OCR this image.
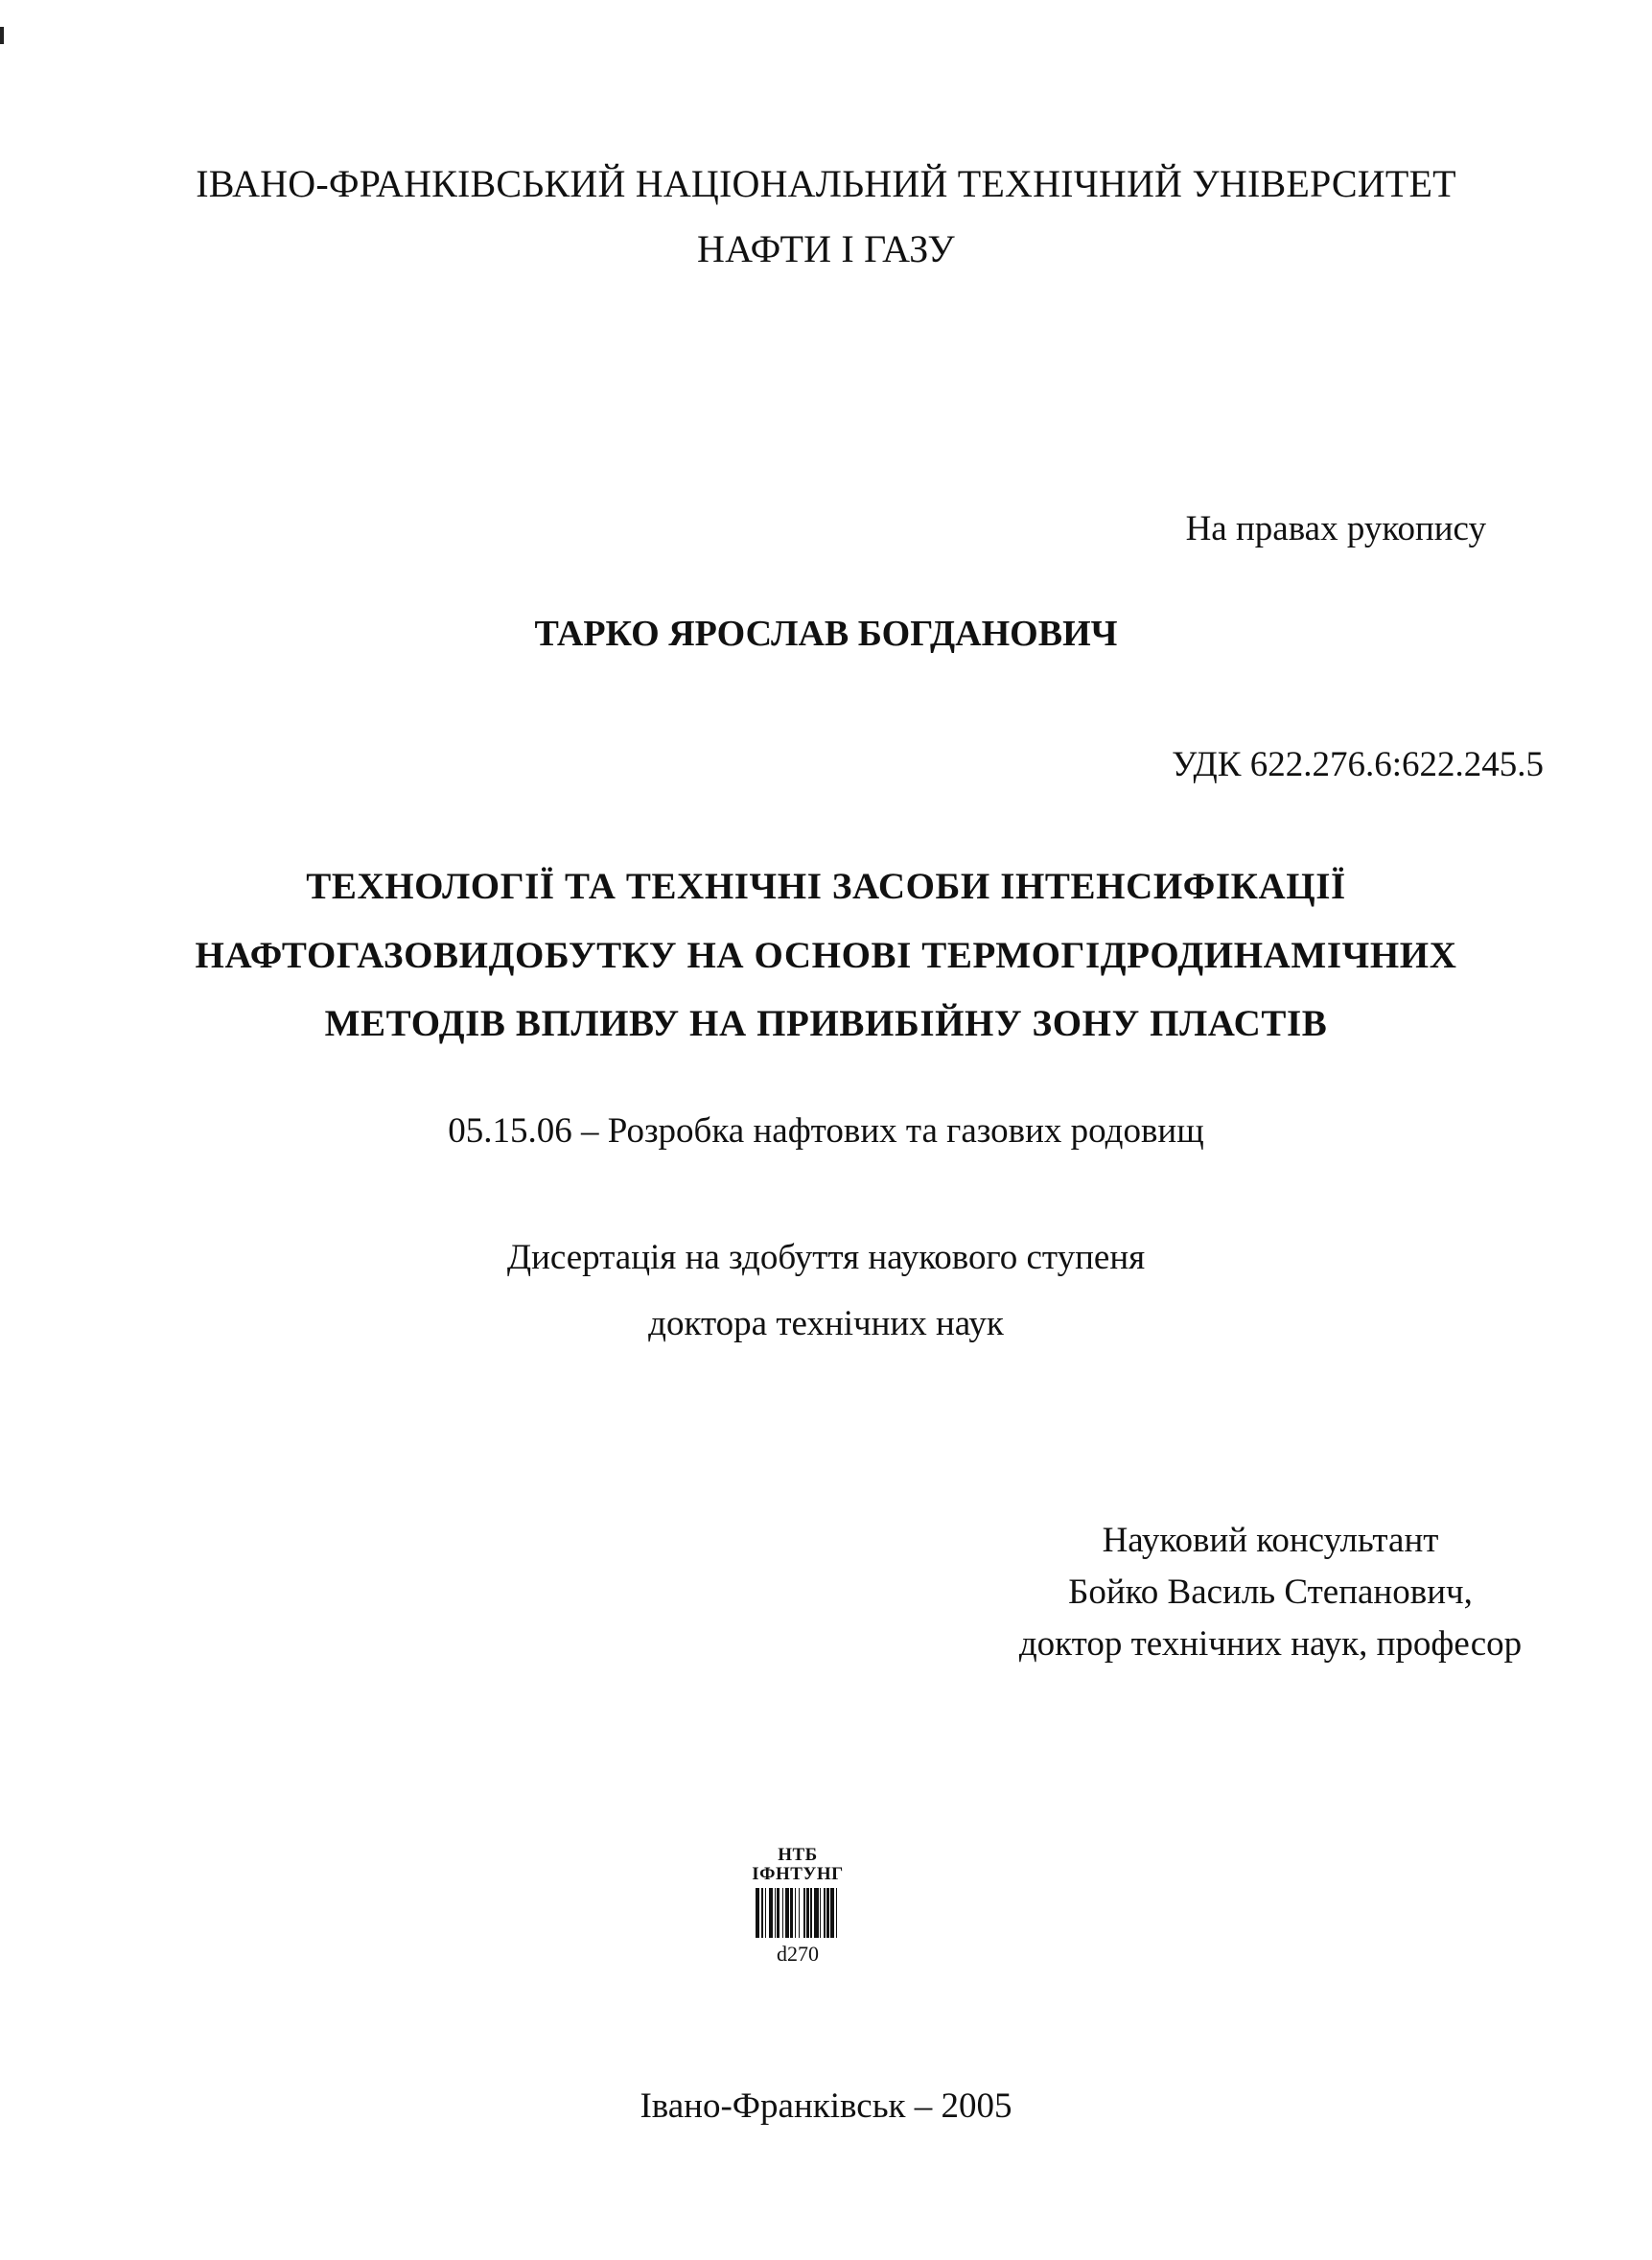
ІВАНО-ФРАНКІВСЬКИЙ НАЦІОНАЛЬНИЙ ТЕХНІЧНИЙ УНІВЕРСИТЕТ
НАФТИ І ГАЗУ
На правах рукопису
ТАРКО ЯРОСЛАВ БОГДАНОВИЧ
УДК 622.276.6:622.245.5
ТЕХНОЛОГІЇ ТА ТЕХНІЧНІ ЗАСОБИ ІНТЕНСИФІКАЦІЇ
НАФТОГАЗОВИДОБУТКУ НА ОСНОВІ ТЕРМОГІДРОДИНАМІЧНИХ
МЕТОДІВ ВПЛИВУ НА ПРИВИБІЙНУ ЗОНУ ПЛАСТІВ
05.15.06 – Розробка нафтових та газових родовищ
Дисертація на здобуття наукового ступеня
доктора технічних наук
Науковий консультант
Бойко Василь Степанович,
доктор технічних наук, професор
НТБ
ІФНТУНГ
d270
Івано-Франківськ – 2005
